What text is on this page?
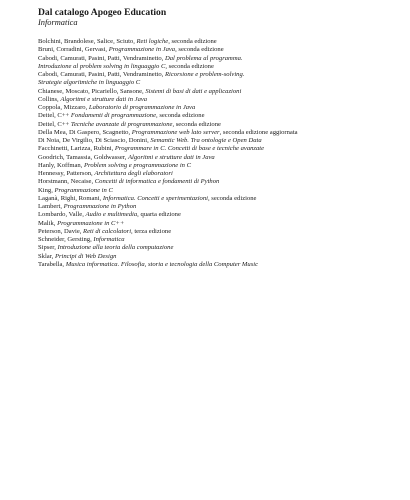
Dal catalogo Apogeo Education
Informatica
Bolchini, Brandolese, Salice, Sciuto, Reti logiche, seconda edizione
Bruni, Corradini, Gervasi, Programmazione in Java, seconda edizione
Cabodi, Camurati, Pasini, Patti, Vendraminetto, Dal problema al programma.
Introduzione al problem solving in linguaggio C, seconda edizione
Cabodi, Camurati, Pasini, Patti, Vendraminetto, Ricorsione e problem-solving.
Strategie algoritmiche in linguaggio C
Chianese, Moscato, Picariello, Sansone, Sistemi di basi di dati e applicazioni
Collins, Algoritmi e strutture dati in Java
Coppola, Mizzaro, Laboratorio di programmazione in Java
Deitel, C++ Fondamenti di programmazione, seconda edizione
Deitel, C++ Tecniche avanzate di programmazione, seconda edizione
Della Mea, Di Gaspero, Scagnetto, Programmazione web lato server, seconda edizione aggiornata
Di Noia, De Virgilio, Di Sciascio, Donini, Semantic Web. Tra ontologie e Open Data
Facchinetti, Larizza, Rubini, Programmare in C. Concetti di base e tecniche avanzate
Goodrich, Tamassia, Goldwasser, Algoritmi e strutture dati in Java
Hanly, Koffman, Problem solving e programmazione in C
Hennessy, Patterson, Architettura degli elaboratori
Horstmann, Necaise, Concetti di informatica e fondamenti di Python
King, Programmazione in C
Laganà, Righi, Romani, Informatica. Concetti e sperimentazioni, seconda edizione
Lambert, Programmazione in Python
Lombardo, Valle, Audio e multimedia, quarta edizione
Malik, Programmazione in C++
Peterson, Davie, Reti di calcolatori, terza edizione
Schneider, Gersting, Informatica
Sipser, Introduzione alla teoria della computazione
Sklar, Principi di Web Design
Tarabella, Musica informatica. Filosofia, storia e tecnologia della Computer Music
